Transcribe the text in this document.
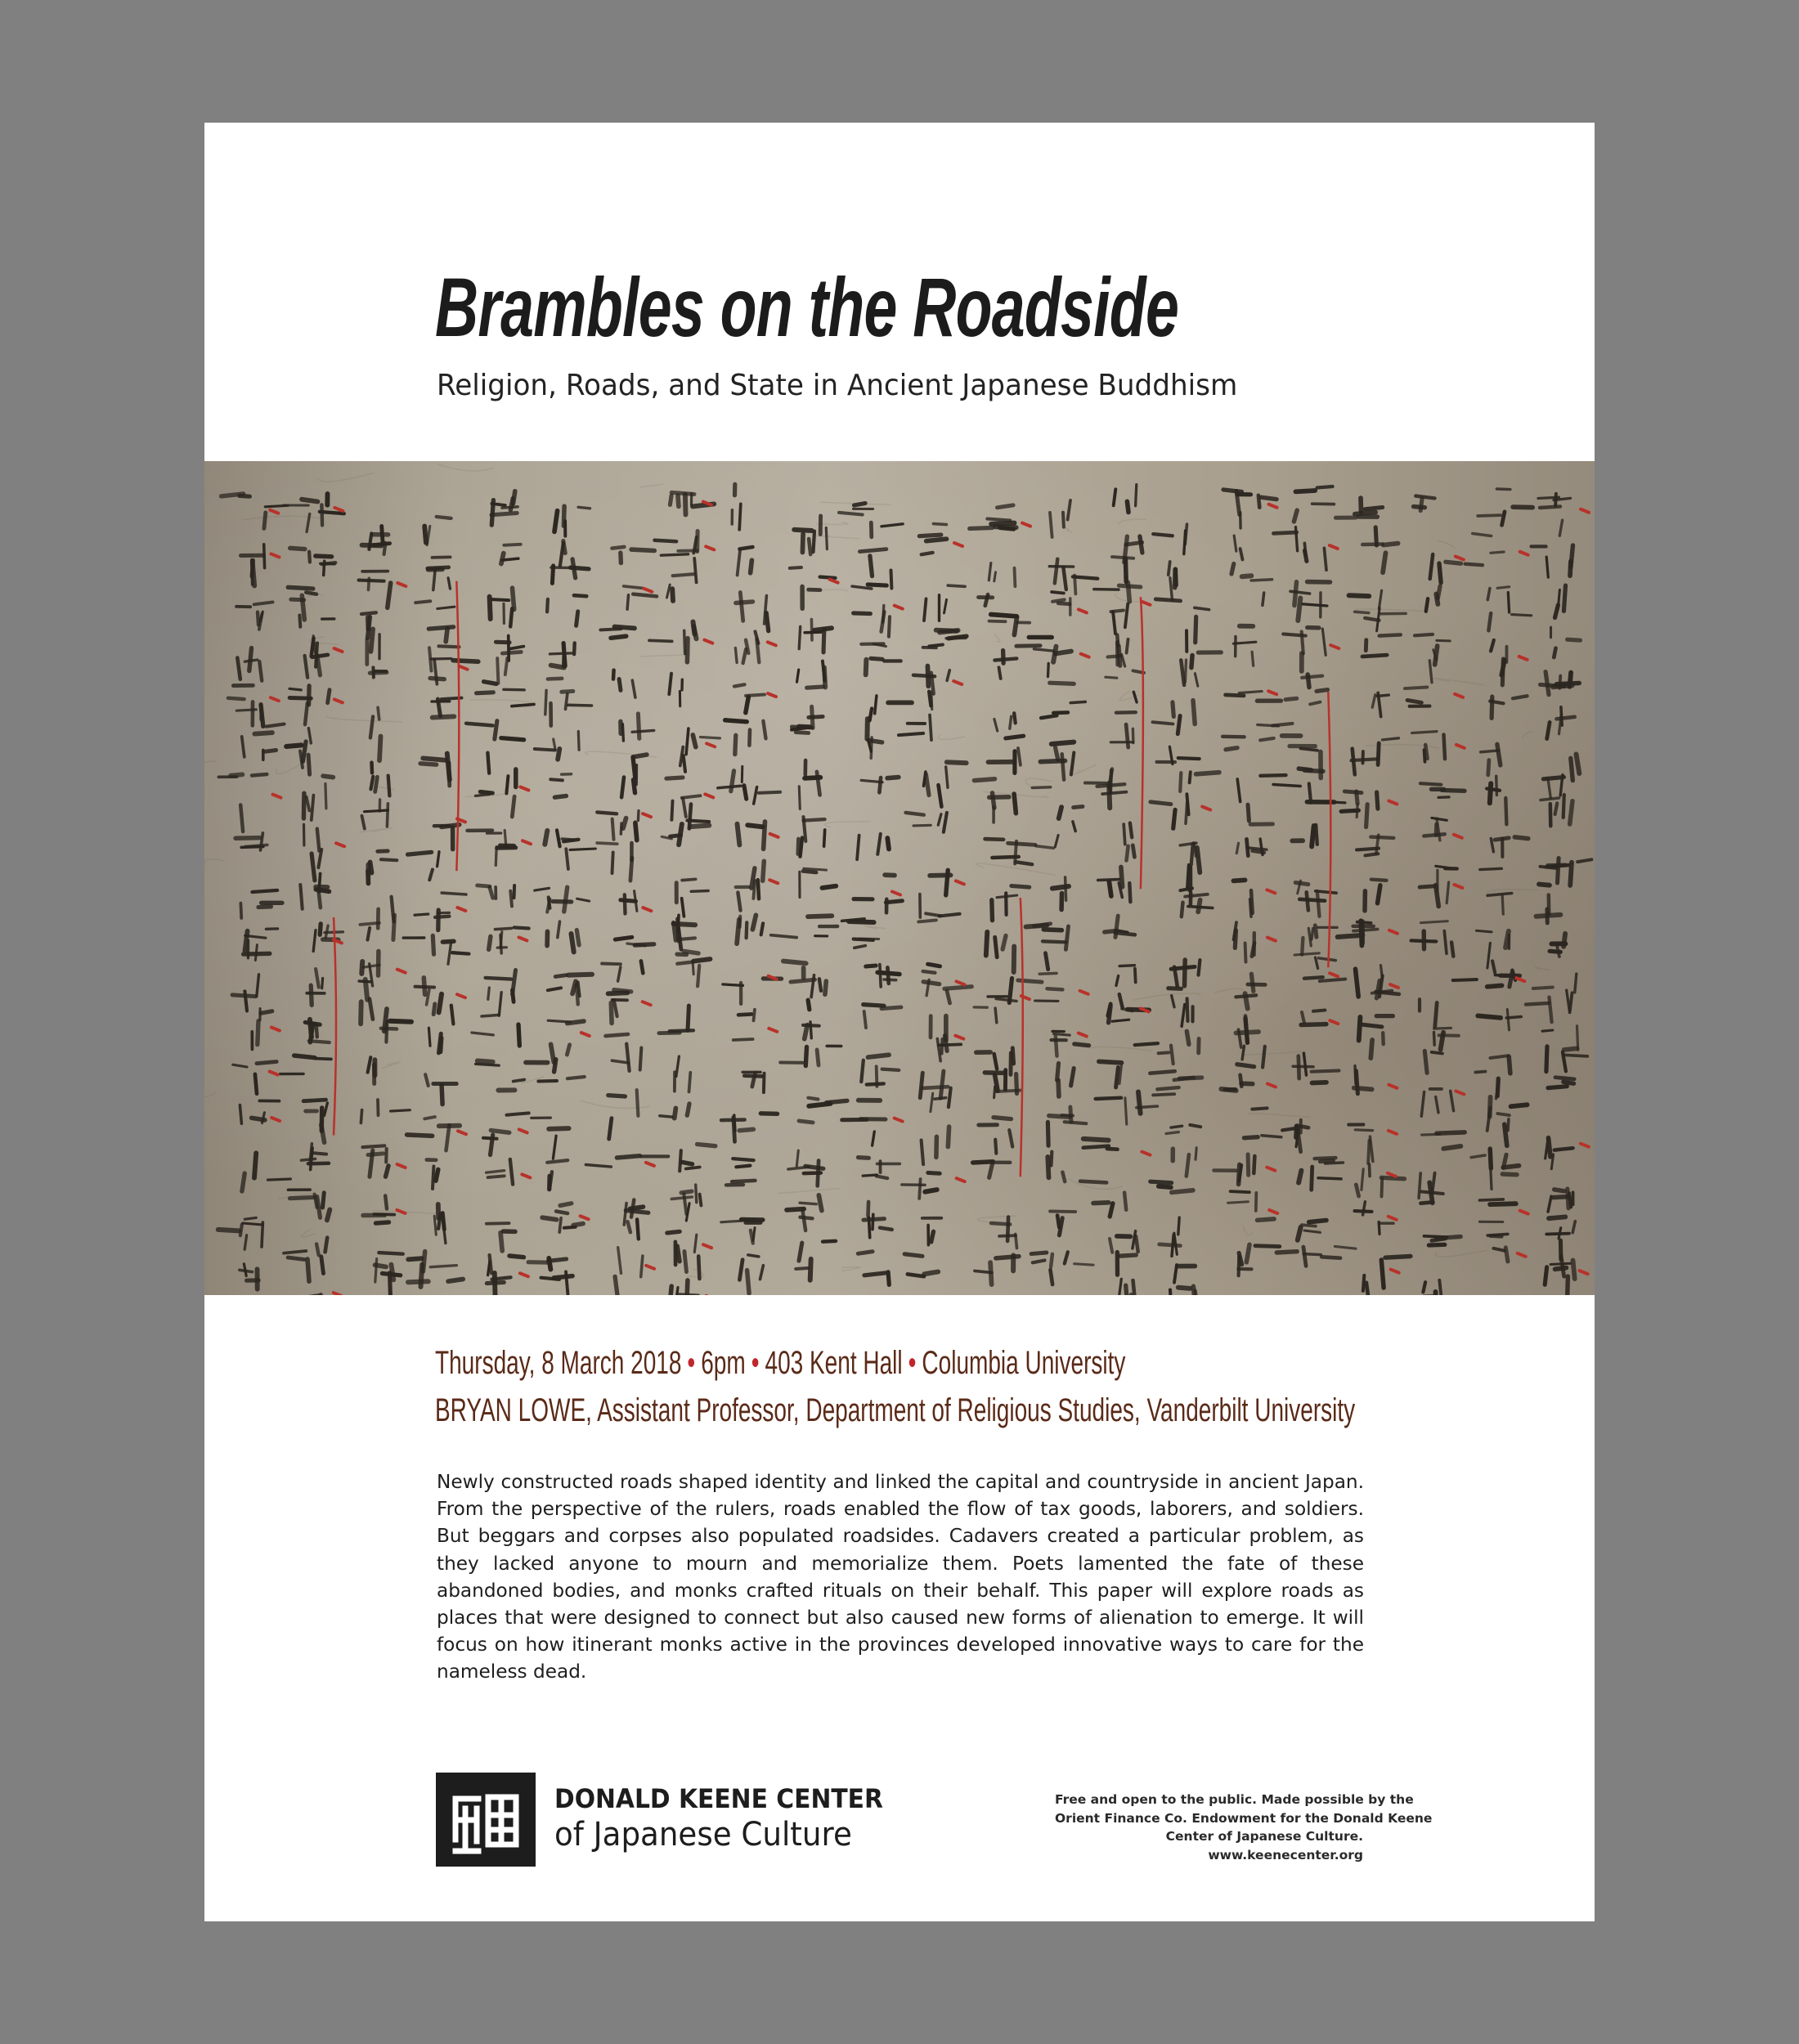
Brambles on the Roadside
Religion, Roads, and State in Ancient Japanese Buddhism
Thursday, 8 March 2018 • 6pm • 403 Kent Hall • Columbia University
BRYAN LOWE, Assistant Professor, Department of Religious Studies, Vanderbilt University

Newly constructed roads shaped identity and linked the capital and countryside in ancient Japan. From the perspective of the rulers, roads enabled the flow of tax goods, laborers, and soldiers. But beggars and corpses also populated roadsides. Cadavers created a particular problem, as they lacked anyone to mourn and memorialize them. Poets lamented the fate of these abandoned bodies, and monks crafted rituals on their behalf. This paper will explore roads as places that were designed to connect but also caused new forms of alienation to emerge. It will focus on how itinerant monks active in the provinces developed innovative ways to care for the nameless dead.

DONALD KEENE CENTER
of Japanese Culture
Free and open to the public. Made possible by the
Orient Finance Co. Endowment for the Donald Keene
Center of Japanese Culture.
www.keenecenter.org
